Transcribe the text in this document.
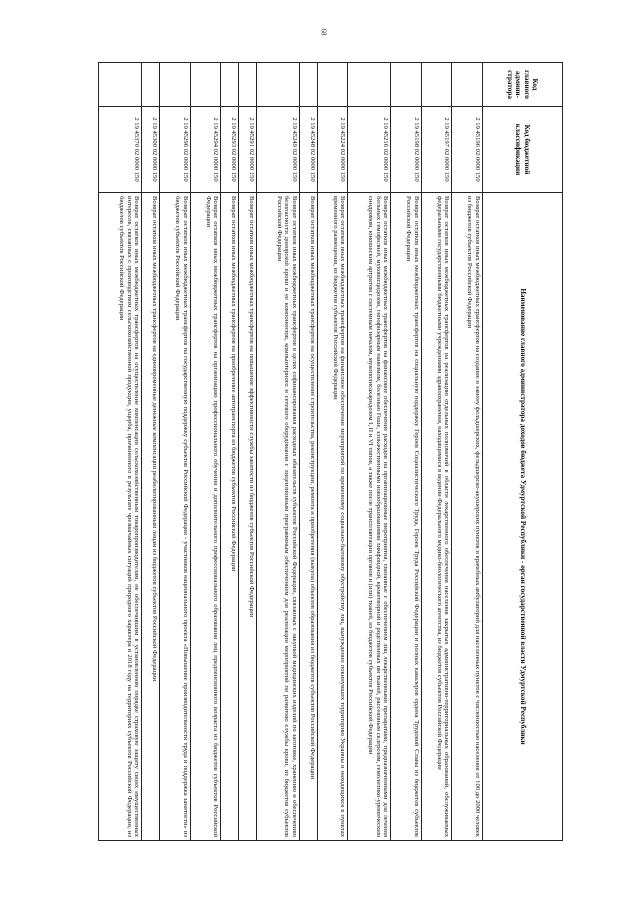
68
Код главного админи-стратора	Код бюджетной классификации	Наименование главного администратора доходов бюджета Удмуртской Республики - орган государственной власти Удмуртской Республики
	2 19 45196 02 0000 150	Возврат остатков иных межбюджетных трансфертов на создание и замену фельдшерских, фельдшерско-акушерских пунктов и врачебных амбулаторий для населенных пунктов с численностью населения от 100 до 2000 человек из бюджетов субъектов Российской Федерации
	2 19 45197 02 0000 150	Возврат остатков иных межбюджетных трансфертов на реализацию отдельных полномочий в области лекарственного обеспечения населения закрытых административно-территориальных образований, обслуживаемых федеральными государственными бюджетными учреждениями здравоохранения, находящимися в ведении Федерального медико-биологического агентства, из бюджетов субъектов Российской Федерации
	2 19 45198 02 0000 150	Возврат остатков иных межбюджетных трансфертов на социальную поддержку Героев Социалистического Труда, Героев Труда Российской Федерации и полных кавалеров ордена Трудовой Славы из бюджетов субъектов Российской Федерации
	2 19 45216 02 0000 150	Возврат остатков иных межбюджетных трансфертов на финансовое обеспечение расходов на организационные мероприятия, связанные с обеспечением лиц лекарственными препаратами, предназначенными для лечения больных гемофилией, муковисцидозом, гипофизарным нанизмом, болезнью Гоше, злокачественными новообразованиями лимфоидной, кроветворной и родственных им тканей, рассеянным склерозом, гемолитико-уремическим синдромом, юношеским артритом с системным началом, мукополисахаридозом I, II и VI типов, а также после трансплантации органов и (или) тканей, из бюджетов субъектов Российской Федерации
	2 19 45224 02 0000 150	Возврат остатков иных межбюджетных трансфертов на финансовое обеспечение мероприятий по временному социально-бытовому обустройству лиц, вынужденно покинувших территорию Украины и находящихся в пунктах временного размещения, из бюджетов субъектов Российской Федерации
	2 19 45248 02 0000 150	Возврат остатков иных межбюджетных трансфертов на осуществление строительства, реконструкции, ремонта и приобретения (выкупа) объектов образования из бюджетов субъектов Российской Федерации
	2 19 45249 02 0000 150	Возврат остатков иных межбюджетных трансфертов в целях софинансирования расходных обязательств субъектов Российской Федерации, связанных с закупкой медицинских изделий по заготовке, хранению и обеспечению безопасности донорской крови и ее компонентов, компьютерного и сетевого оборудования с лицензионным программным обеспечением для реализации мероприятий по развитию службы крови, из бюджетов субъектов Российской Федерации
	2 19 45291 02 0000 150	Возврат остатков иных межбюджетных трансфертов на повышение эффективности службы занятости из бюджетов субъектов Российской Федерации
	2 19 45293 02 0000 150	Возврат остатков иных межбюджетных трансфертов на приобретение автотранспорта из бюджетов субъектов Российской Федерации
	2 19 45294 02 0000 150	Возврат остатков иных межбюджетных трансфертов на организацию профессионального обучения и дополнительного профессионального образования лиц предпенсионного возраста из бюджетов субъектов Российской Федерации
	2 19 45296 02 0000 150	Возврат остатков иных межбюджетных трансфертов на государственную поддержку субъектов Российской Федерации - участников национального проекта «Повышение производительности труда и поддержка занятости» из бюджетов субъектов Российской Федерации
	2 19 45300 02 0000 150	Возврат остатков иных межбюджетных трансфертов на единовременные денежные компенсации реабилитированным лицам из бюджетов субъектов Российской Федерации
	2 19 45370 02 0000 150	Возврат остатков иных межбюджетных трансфертов на осуществление компенсации сельскохозяйственным товаропроизводителям, не обеспечившим в установленном порядке страховую защиту своих имущественных интересов, связанных с производством сельскохозяйственной продукции, ущерба, причиненного в результате чрезвычайных ситуаций природного характера в 2018 году на территориях субъектов Российской Федерации, из бюджетов субъектов Российской Федерации
